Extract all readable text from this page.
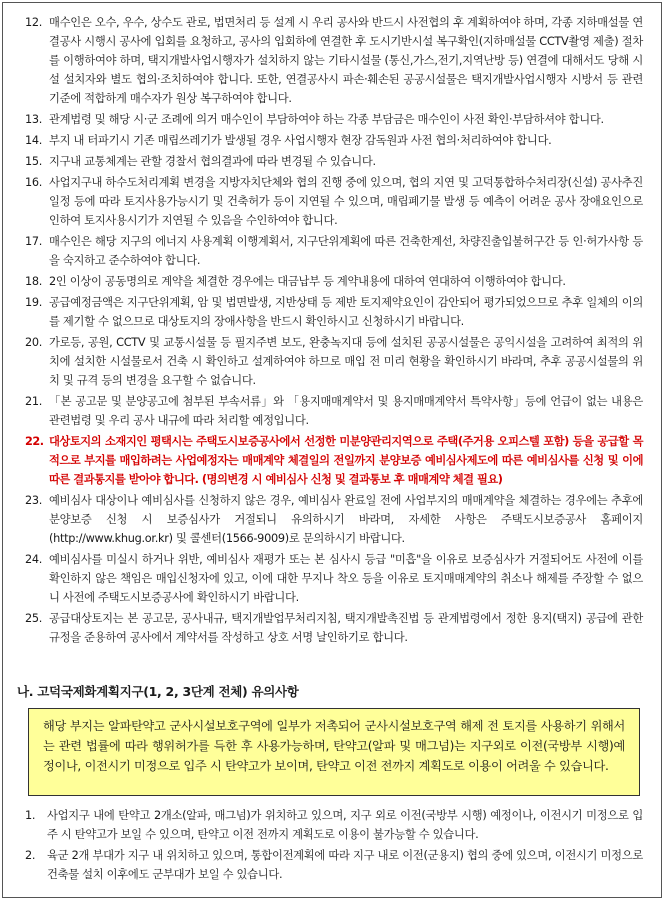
12. 매수인은 오수, 우수, 상수도 관로, 법면처리 등 설계 시 우리 공사와 반드시 사전협의 후 계획하여야 하며, 각종 지하매설물 연결공사 시행시 공사에 입회를 요청하고, 공사의 입회하에 연결한 후 도시기반시설 복구확인(지하매설물 CCTV촬영 제출) 절차를 이행하여야 하며, 택지개발사업시행자가 설치하지 않는 기타시설물 (통신,가스,전기,지역난방 등) 연결에 대해서도 당해 시설 설치자와 별도 협의·조치하여야 합니다. 또한, 연결공사시 파손·훼손된 공공시설물은 택지개발사업시행자 시방서 등 관련 기준에 적합하게 매수자가 원상 복구하여야 합니다.
13. 관계법령 및 해당 시·군 조례에 의거 매수인이 부담하여야 하는 각종 부담금은 매수인이 사전 확인·부담하셔야 합니다.
14. 부지 내 터파기시 기존 매립쓰레기가 발생될 경우 사업시행자 현장 감독원과 사전 협의·처리하여야 합니다.
15. 지구내 교통체계는 관할 경찰서 협의결과에 따라 변경될 수 있습니다.
16. 사업지구내 하수도처리계획 변경을 지방자치단체와 협의 진행 중에 있으며, 협의 지연 및 고덕통합하수처리장(신설) 공사추진일정 등에 따라 토지사용가능시기 및 건축허가 등이 지연될 수 있으며, 매립폐기물 발생 등 예측이 어려운 공사 장애요인으로 인하여 토지사용시기가 지연될 수 있음을 수인하여야 합니다.
17. 매수인은 해당 지구의 에너지 사용계획 이행계획서, 지구단위계획에 따른 건축한계선, 차량진출입불허구간 등 인·허가사항 등을 숙지하고 준수하여야 합니다.
18. 2인 이상이 공동명의로 계약을 체결한 경우에는 대금납부 등 계약내용에 대하여 연대하여 이행하여야 합니다.
19. 공급예정금액은 지구단위계획, 암 및 법면발생, 지반상태 등 제반 토지제약요인이 감안되어 평가되었으므로 추후 일체의 이의를 제기할 수 없으므로 대상토지의 장애사항을 반드시 확인하시고 신청하시기 바랍니다.
20. 가로등, 공원, CCTV 및 교통시설물 등 필지주변 보도, 완충녹지대 등에 설치된 공공시설물은 공익시설을 고려하여 최적의 위치에 설치한 시설물로서 건축 시 확인하고 설계하여야 하므로 매입 전 미리 현황을 확인하시기 바라며, 추후 공공시설물의 위치 및 규격 등의 변경을 요구할 수 없습니다.
21. 「본 공고문 및 분양공고에 첨부된 부속서류」와 「용지매매계약서 및 용지매매계약서 특약사항」등에 언급이 없는 내용은 관련법령 및 우리 공사 내규에 따라 처리할 예정입니다.
22. 대상토지의 소재지인 평택시는 주택도시보증공사에서 선정한 미분양관리지역으로 주택(주거용 오피스텔 포함) 등을 공급할 목적으로 부지를 매입하려는 사업예정자는 매매계약 체결일의 전일까지 분양보증 예비심사제도에 따른 예비심사를 신청 및 이에 따른 결과통지를 받아야 합니다. (명의변경 시 예비심사 신청 및 결과통보 후 매매계약 체결 필요)
23. 예비심사 대상이나 예비심사를 신청하지 않은 경우, 예비심사 완료일 전에 사업부지의 매매계약을 체결하는 경우에는 추후에 분양보증 신청 시 보증심사가 거절되니 유의하시기 바라며, 자세한 사항은 주택도시보증공사 홈페이지(http://www.khug.or.kr) 및 콜센터(1566-9009)로 문의하시기 바랍니다.
24. 예비심사를 미실시 하거나 위반, 예비심사 재평가 또는 본 심사시 등급 "미흡"을 이유로 보증심사가 거절되어도 사전에 이를 확인하지 않은 책임은 매입신청자에 있고, 이에 대한 무지나 착오 등을 이유로 토지매매계약의 취소나 해제를 주장할 수 없으니 사전에 주택도시보증공사에 확인하시기 바랍니다.
25. 공급대상토지는 본 공고문, 공사내규, 택지개발업무처리지침, 택지개발촉진법 등 관계법령에서 정한 용지(택지) 공급에 관한 규정을 준용하여 공사에서 계약서를 작성하고 상호 서명 날인하기로 합니다.
나. 고덕국제화계획지구(1, 2, 3단계 전체) 유의사항
해당 부지는 알파탄약고 군사시설보호구역에 일부가 저촉되어 군사시설보호구역 해제 전 토지를 사용하기 위해서는 관련 법률에 따라 행위허가를 득한 후 사용가능하며, 탄약고(알파 및 매그넘)는 지구외로 이전(국방부 시행)예정이나, 이전시기 미정으로 입주 시 탄약고가 보이며, 탄약고 이전 전까지 계획도로 이용이 어려울 수 있습니다.
1.	사업지구 내에 탄약고 2개소(알파, 매그넘)가 위치하고 있으며, 지구 외로 이전(국방부 시행) 예정이나, 이전시기 미정으로 입주 시 탄약고가 보일 수 있으며, 탄약고 이전 전까지 계획도로 이용이 불가능할 수 있습니다.
2.	육군 2개 부대가 지구 내 위치하고 있으며, 통합이전계획에 따라 지구 내로 이전(군용지) 협의 중에 있으며, 이전시기 미정으로 건축물 설치 이후에도 군부대가 보일 수 있습니다.
